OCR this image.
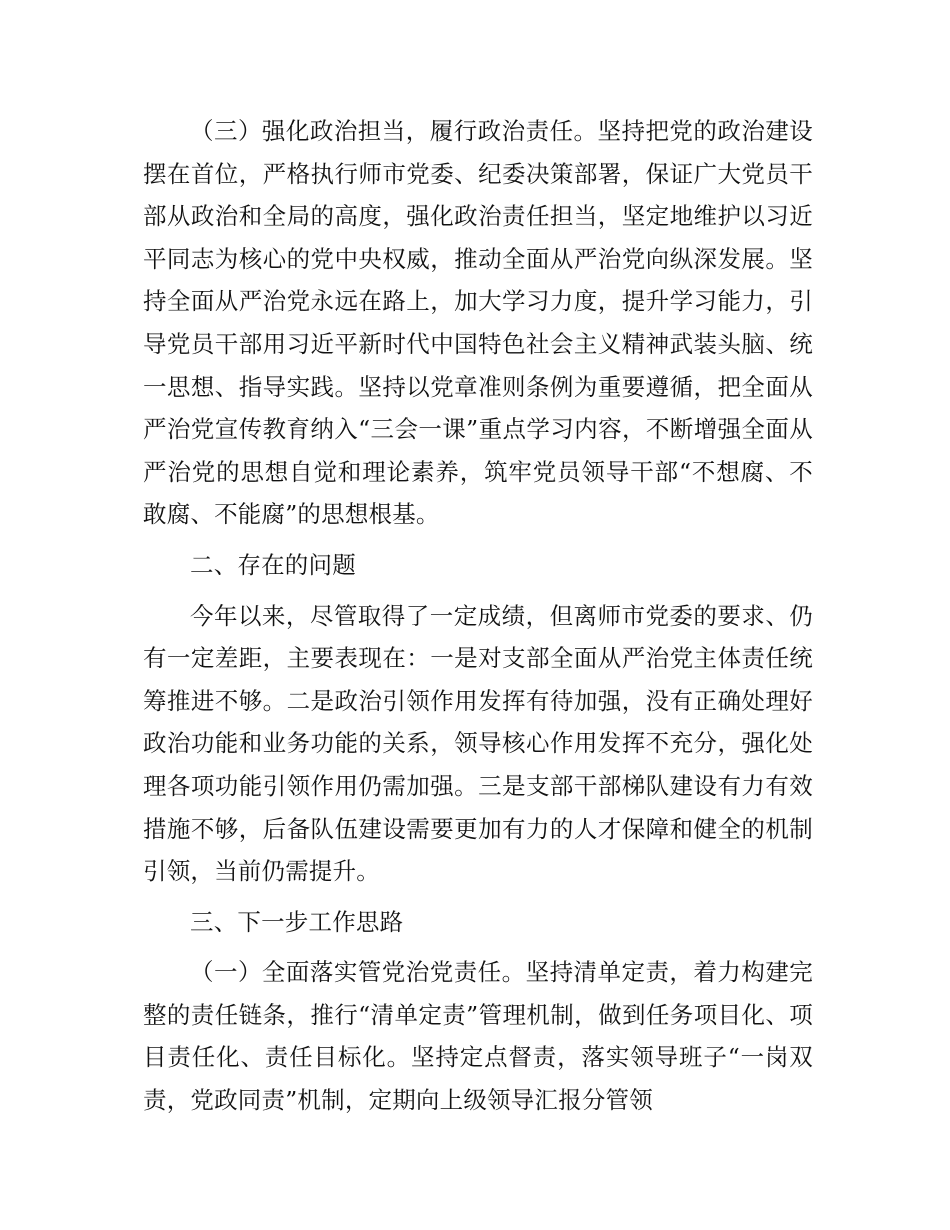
（三）强化政治担当，履行政治责任。坚持把党的政治建设摆在首位，严格执行师市党委、纪委决策部署，保证广大党员干部从政治和全局的高度，强化政治责任担当，坚定地维护以习近平同志为核心的党中央权威，推动全面从严治党向纵深发展。坚持全面从严治党永远在路上，加大学习力度，提升学习能力，引导党员干部用习近平新时代中国特色社会主义精神武装头脑、统一思想、指导实践。坚持以党章准则条例为重要遵循，把全面从严治党宣传教育纳入“三会一课”重点学习内容，不断增强全面从严治党的思想自觉和理论素养，筑牢党员领导干部“不想腐、不敢腐、不能腐”的思想根基。

二、存在的问题

今年以来，尽管取得了一定成绩，但离师市党委的要求、仍有一定差距，主要表现在：一是对支部全面从严治党主体责任统筹推进不够。二是政治引领作用发挥有待加强，没有正确处理好政治功能和业务功能的关系，领导核心作用发挥不充分，强化处理各项功能引领作用仍需加强。三是支部干部梯队建设有力有效措施不够，后备队伍建设需要更加有力的人才保障和健全的机制引领，当前仍需提升。

三、下一步工作思路

（一）全面落实管党治党责任。坚持清单定责，着力构建完整的责任链条，推行“清单定责”管理机制，做到任务项目化、项目责任化、责任目标化。坚持定点督责，落实领导班子“一岗双责，党政同责”机制，定期向上级领导汇报分管领
